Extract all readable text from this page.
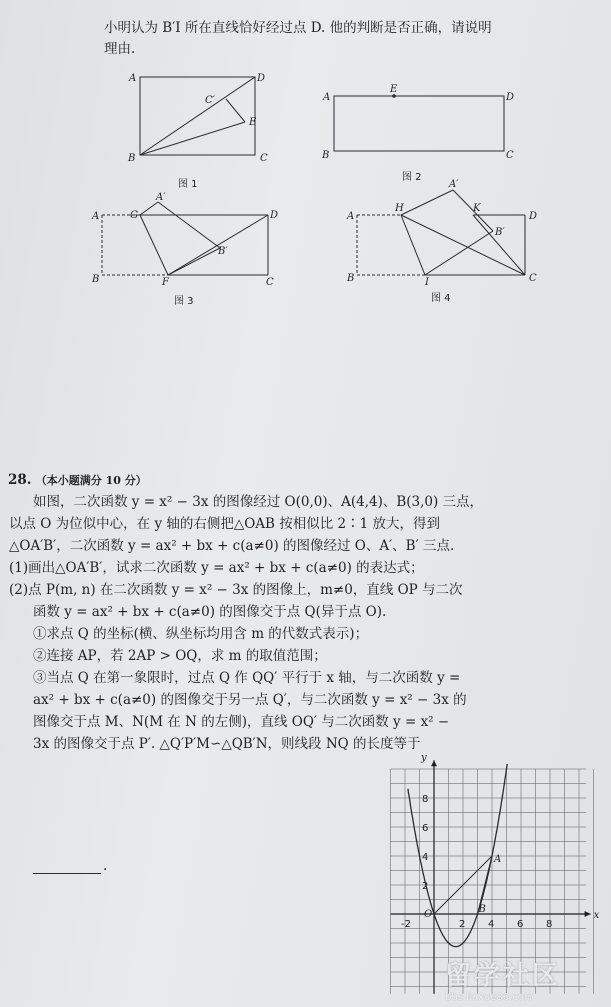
小明认为 B′I 所在直线恰好经过点 D. 他的判断是否正确，请说明
理由.
A	D
C′
E
B	C
图 1
A
E
D
B	C
图 2
A	G
A′
D
B′
B	F	C
图 3
A
H
A′
K
D
B′
B	I	C
图 4
28. （本小题满分 10 分）
如图，二次函数 y = x² − 3x 的图像经过 O(0,0)、A(4,4)、B(3,0) 三点，
以点 O 为位似中心，在 y 轴的右侧把△OAB 按相似比 2∶1 放大，得到
△OA′B′，二次函数 y = ax² + bx + c(a≠0) 的图像经过 O、A′、B′ 三点.
(1)画出△OA′B′，试求二次函数 y = ax² + bx + c(a≠0) 的表达式；
(2)点 P(m, n) 在二次函数 y = x² − 3x 的图像上，m≠0，直线 OP 与二次
函数 y = ax² + bx + c(a≠0) 的图像交于点 Q(异于点 O).
①求点 Q 的坐标(横、纵坐标均用含 m 的代数式表示)；
②连接 AP，若 2AP > OQ，求 m 的取值范围；
③当点 Q 在第一象限时，过点 Q 作 QQ′ 平行于 x 轴，与二次函数 y =
ax² + bx + c(a≠0) 的图像交于另一点 Q′，与二次函数 y = x² − 3x 的
图像交于点 M、N(M 在 N 的左侧)，直线 OQ′ 与二次函数 y = x² −
3x 的图像交于点 P′. △Q′P′M∽△QB′N，则线段 NQ 的长度等于
.
-2	2 4 6 8
2
4
6
8
x
y
O
A
B
留学社区
bbs.liuxue86.com
